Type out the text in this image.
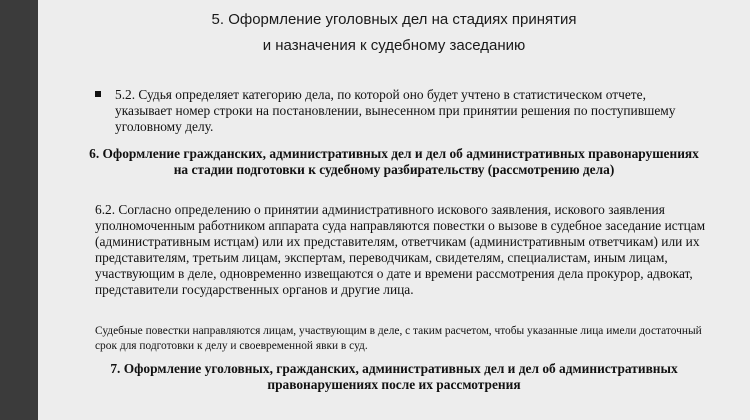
5. Оформление уголовных дел на стадиях принятия
и назначения к судебному заседанию
5.2. Судья определяет категорию дела, по которой оно будет учтено в статистическом отчете, указывает номер строки на постановлении, вынесенном при принятии решения по поступившему уголовному делу.
6. Оформление гражданских, административных дел и дел об административных правонарушениях на стадии подготовки к судебному разбирательству (рассмотрению дела)
6.2. Согласно определению о принятии административного искового заявления, искового заявления уполномоченным работником аппарата суда направляются повестки о вызове в судебное заседание истцам (административным истцам) или их представителям, ответчикам (административным ответчикам) или их представителям, третьим лицам, экспертам, переводчикам, свидетелям, специалистам, иным лицам, участвующим в деле, одновременно извещаются о дате и времени рассмотрения дела прокурор, адвокат, представители государственных органов и другие лица.
Судебные повестки направляются лицам, участвующим в деле, с таким расчетом, чтобы указанные лица имели достаточный срок для подготовки к делу и своевременной явки в суд.
7. Оформление уголовных, гражданских, административных дел и дел об административных правонарушениях после их рассмотрения
